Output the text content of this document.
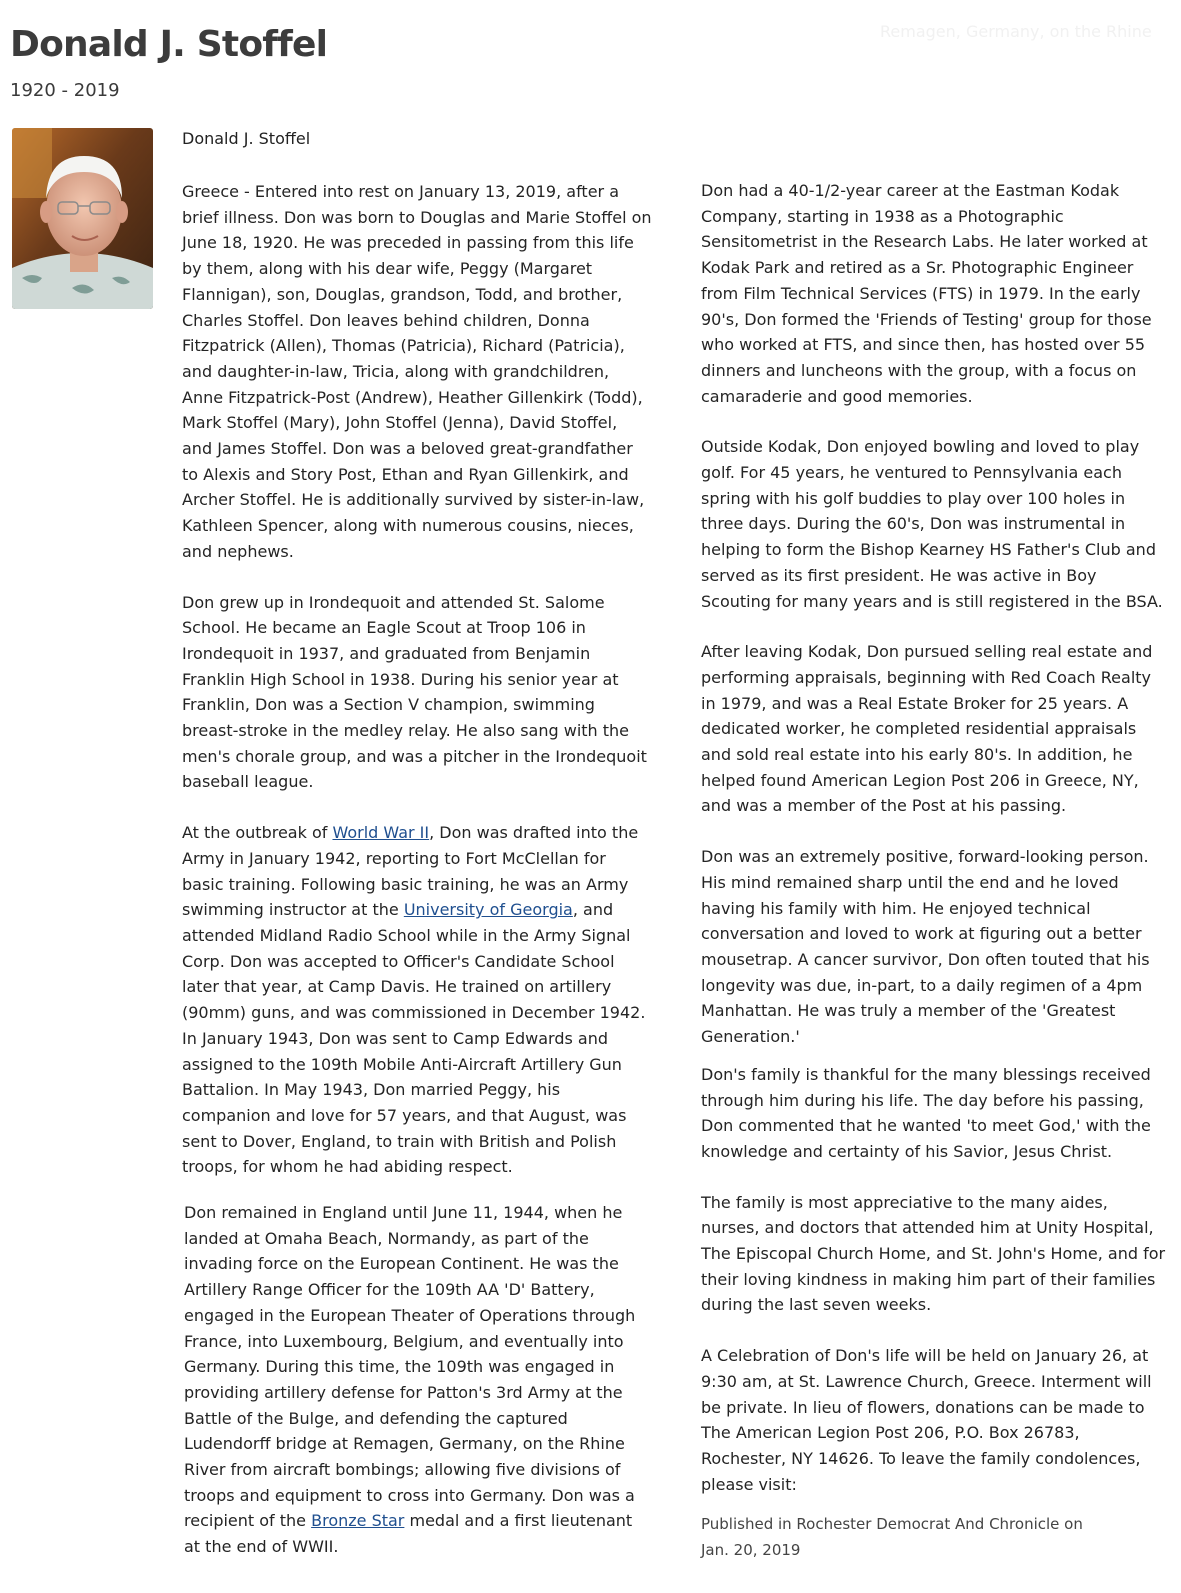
Remagen, Germany, on the Rhine
Donald J. Stoffel
1920 - 2019
Donald J. Stoffel

Greece - Entered into rest on January 13, 2019, after a brief illness. Don was born to Douglas and Marie Stoffel on June 18, 1920. He was preceded in passing from this life by them, along with his dear wife, Peggy (Margaret Flannigan), son, Douglas, grandson, Todd, and brother, Charles Stoffel. Don leaves behind children, Donna Fitzpatrick (Allen), Thomas (Patricia), Richard (Patricia), and daughter-in-law, Tricia, along with grandchildren, Anne Fitzpatrick-Post (Andrew), Heather Gillenkirk (Todd), Mark Stoffel (Mary), John Stoffel (Jenna), David Stoffel, and James Stoffel. Don was a beloved great-grandfather to Alexis and Story Post, Ethan and Ryan Gillenkirk, and Archer Stoffel. He is additionally survived by sister-in-law, Kathleen Spencer, along with numerous cousins, nieces, and nephews.

Don grew up in Irondequoit and attended St. Salome School. He became an Eagle Scout at Troop 106 in Irondequoit in 1937, and graduated from Benjamin Franklin High School in 1938. During his senior year at Franklin, Don was a Section V champion, swimming breast-stroke in the medley relay. He also sang with the men's chorale group, and was a pitcher in the Irondequoit baseball league.

At the outbreak of World War II, Don was drafted into the Army in January 1942, reporting to Fort McClellan for basic training. Following basic training, he was an Army swimming instructor at the University of Georgia, and attended Midland Radio School while in the Army Signal Corp. Don was accepted to Officer's Candidate School later that year, at Camp Davis. He trained on artillery (90mm) guns, and was commissioned in December 1942. In January 1943, Don was sent to Camp Edwards and assigned to the 109th Mobile Anti-Aircraft Artillery Gun Battalion. In May 1943, Don married Peggy, his companion and love for 57 years, and that August, was sent to Dover, England, to train with British and Polish troops, for whom he had abiding respect.

Don remained in England until June 11, 1944, when he landed at Omaha Beach, Normandy, as part of the invading force on the European Continent. He was the Artillery Range Officer for the 109th AA 'D' Battery, engaged in the European Theater of Operations through France, into Luxembourg, Belgium, and eventually into Germany. During this time, the 109th was engaged in providing artillery defense for Patton's 3rd Army at the Battle of the Bulge, and defending the captured Ludendorff bridge at Remagen, Germany, on the Rhine River from aircraft bombings; allowing five divisions of troops and equipment to cross into Germany. Don was a recipient of the Bronze Star medal and a first lieutenant at the end of WWII.

Don had a 40-1/2-year career at the Eastman Kodak Company, starting in 1938 as a Photographic Sensitometrist in the Research Labs. He later worked at Kodak Park and retired as a Sr. Photographic Engineer from Film Technical Services (FTS) in 1979. In the early 90's, Don formed the 'Friends of Testing' group for those who worked at FTS, and since then, has hosted over 55 dinners and luncheons with the group, with a focus on camaraderie and good memories.

Outside Kodak, Don enjoyed bowling and loved to play golf. For 45 years, he ventured to Pennsylvania each spring with his golf buddies to play over 100 holes in three days. During the 60's, Don was instrumental in helping to form the Bishop Kearney HS Father's Club and served as its first president. He was active in Boy Scouting for many years and is still registered in the BSA.

After leaving Kodak, Don pursued selling real estate and performing appraisals, beginning with Red Coach Realty in 1979, and was a Real Estate Broker for 25 years. A dedicated worker, he completed residential appraisals and sold real estate into his early 80's. In addition, he helped found American Legion Post 206 in Greece, NY, and was a member of the Post at his passing.

Don was an extremely positive, forward-looking person. His mind remained sharp until the end and he loved having his family with him. He enjoyed technical conversation and loved to work at figuring out a better mousetrap. A cancer survivor, Don often touted that his longevity was due, in-part, to a daily regimen of a 4pm Manhattan. He was truly a member of the 'Greatest Generation.'

Don's family is thankful for the many blessings received through him during his life. The day before his passing, Don commented that he wanted 'to meet God,' with the knowledge and certainty of his Savior, Jesus Christ.

The family is most appreciative to the many aides, nurses, and doctors that attended him at Unity Hospital, The Episcopal Church Home, and St. John's Home, and for their loving kindness in making him part of their families during the last seven weeks.

A Celebration of Don's life will be held on January 26, at 9:30 am, at St. Lawrence Church, Greece. Interment will be private. In lieu of flowers, donations can be made to The American Legion Post 206, P.O. Box 26783, Rochester, NY 14626. To leave the family condolences, please visit:

Published in Rochester Democrat And Chronicle on

Jan. 20, 2019
